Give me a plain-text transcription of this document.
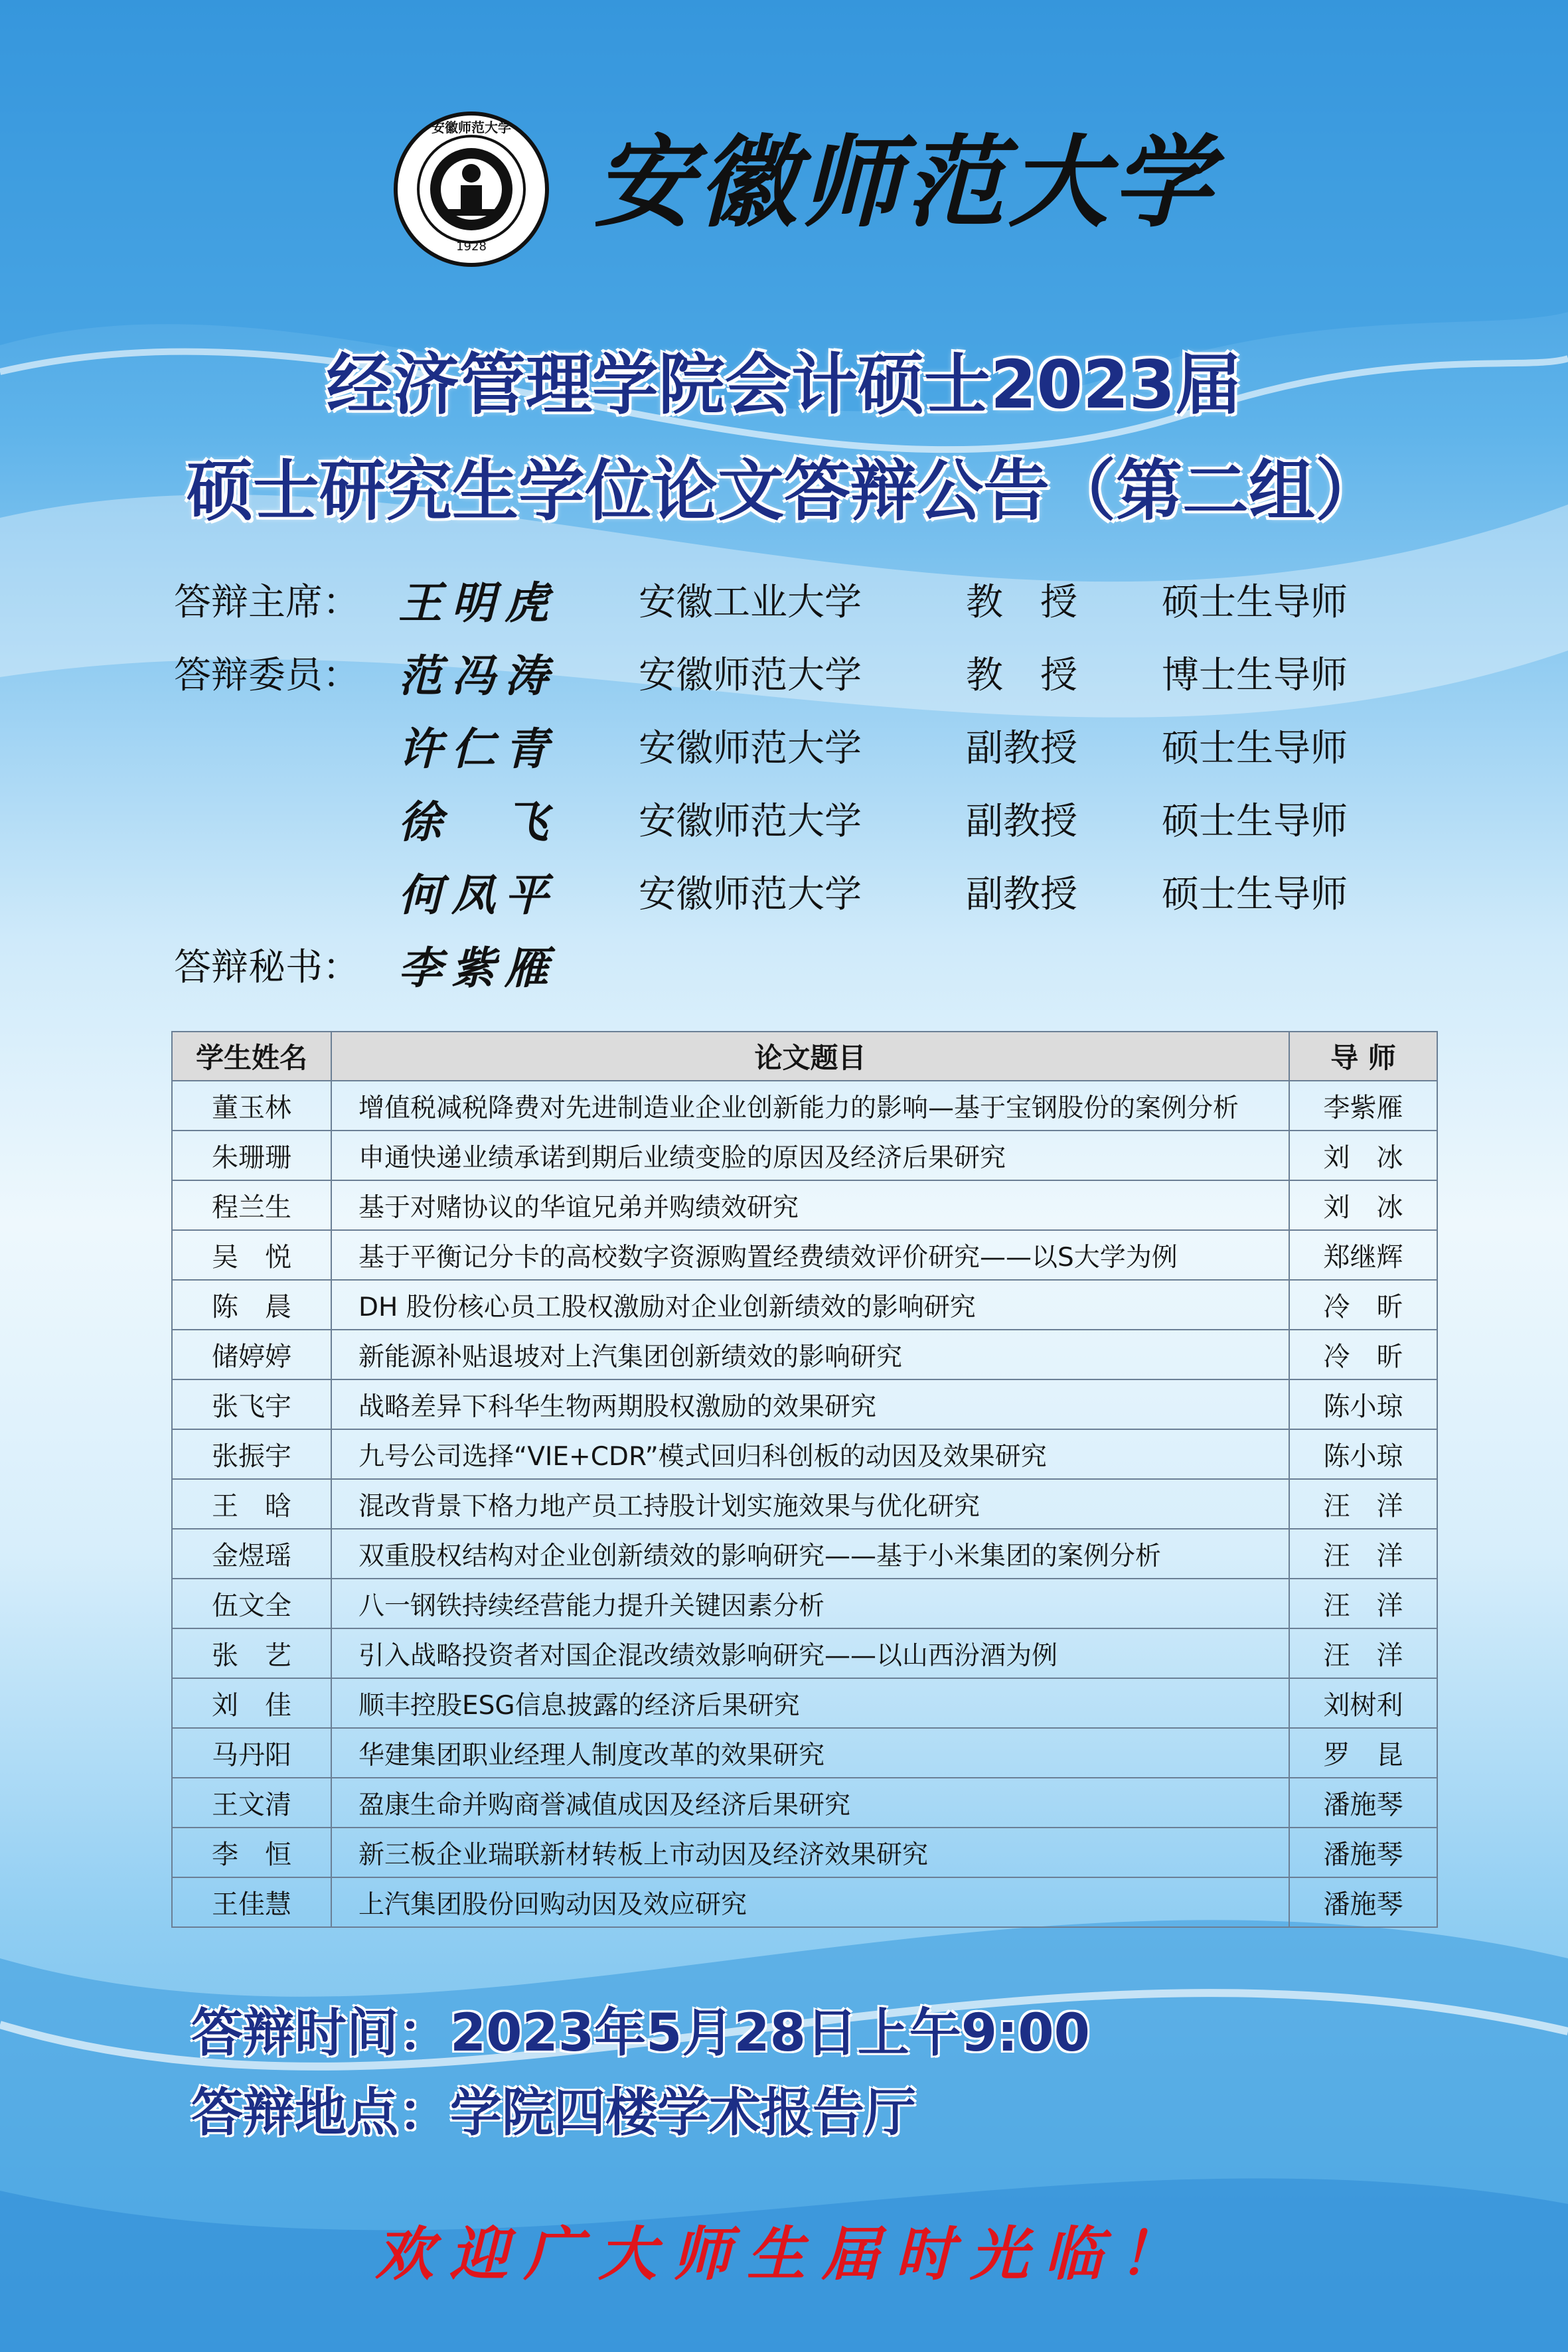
1928
安徽师范大学 安徽师范大学
经济管理学院会计硕士2023届
硕士研究生学位论文答辩公告（第二组）
答辩主席： 王明虎 安徽工业大学	教　授 硕士生导师
答辩委员： 范冯涛 安徽师范大学	教　授 博士生导师
许仁青 安徽师范大学	副教授 硕士生导师
徐　飞 安徽师范大学	副教授 硕士生导师
何凤平 安徽师范大学	副教授 硕士生导师
答辩秘书： 李紫雁
学生姓名	论文题目	导 师
董玉林	增值税减税降费对先进制造业企业创新能力的影响—基于宝钢股份的案例分析	李紫雁
朱珊珊	申通快递业绩承诺到期后业绩变脸的原因及经济后果研究	刘　冰
程兰生	基于对赌协议的华谊兄弟并购绩效研究	刘　冰
吴　悦	基于平衡记分卡的高校数字资源购置经费绩效评价研究——以S大学为例	郑继辉
陈　晨	DH 股份核心员工股权激励对企业创新绩效的影响研究	冷　昕
储婷婷	新能源补贴退坡对上汽集团创新绩效的影响研究	冷　昕
张飞宇	战略差异下科华生物两期股权激励的效果研究	陈小琼
张振宇	九号公司选择“VIE+CDR”模式回归科创板的动因及效果研究	陈小琼
王　晗	混改背景下格力地产员工持股计划实施效果与优化研究	汪　洋
金煜瑶	双重股权结构对企业创新绩效的影响研究——基于小米集团的案例分析	汪　洋
伍文全	八一钢铁持续经营能力提升关键因素分析	汪　洋
张　艺	引入战略投资者对国企混改绩效影响研究——以山西汾酒为例	汪　洋
刘　佳	顺丰控股ESG信息披露的经济后果研究	刘树利
马丹阳	华建集团职业经理人制度改革的效果研究	罗　昆
王文清	盈康生命并购商誉减值成因及经济后果研究	潘施琴
李　恒	新三板企业瑞联新材转板上市动因及经济效果研究	潘施琴
王佳慧	上汽集团股份回购动因及效应研究	潘施琴
答辩时间：2023年5月28日上午9:00
答辩地点：学院四楼学术报告厅
欢迎广大师生届时光临！
